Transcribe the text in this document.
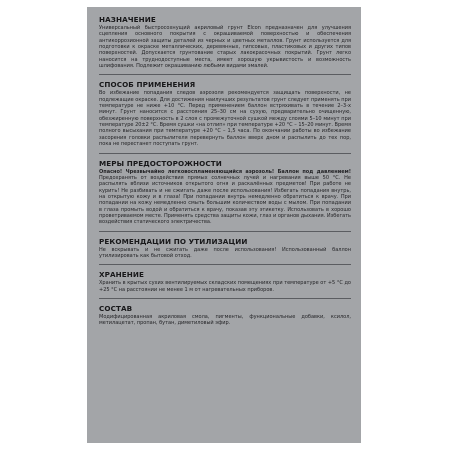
НАЗНАЧЕНИЕ

Универсальный быстросохнущий акриловый грунт Elcon предназначен для улучшения сцепления основного покрытия с окрашиваемой поверхностью и обеспечения антикоррозионной защиты деталей из черных и цветных металлов. Грунт используется для подготовки к окраске металлических, деревянных, гипсовых, пластиковых и других типов поверхностей. Допускается грунтование старых лакокрасочных покрытий. Грунт легко наносится на труднодоступные места, имеет хорошую укрывистость и возможность шлифования. Подлежит окрашиванию любыми видами эмалей.

СПОСОБ ПРИМЕНЕНИЯ

Во избежание попадания следов аэрозоля рекомендуется защищать поверхности, не подлежащие окраске. Для достижения наилучших результатов грунт следует применять при температуре не ниже +10 °С. Перед применением баллон встряхивать в течение 2–3-х минут. Грунт наносится с расстояния 25–30 см на сухую, предварительно очищенную, обезжиренную поверхность в 2 слоя с промежуточной сушкой между слоями 5–10 минут при температуре 20±2 °С. Время сушки «на отлип» при температуре +20 °С – 15–20 минут. Время полного высыхания при температуре +20 °С – 1,5 часа. По окончании работы во избежание засорения головки распылителя перевернуть баллон вверх дном и распылить до тех пор, пока не перестанет поступать грунт.

МЕРЫ ПРЕДОСТОРОЖНОСТИ

Опасно! Чрезвычайно легковоспламеняющийся аэрозоль! Баллон под давлением! Предохранять от воздействия прямых солнечных лучей и нагревания выше 50 °С. Не распылять вблизи источников открытого огня и раскалённых предметов! При работе не курить! Не разбивать и не сжигать даже после использования! Избегать попадания внутрь, на открытую кожу и в глаза! При попадании внутрь немедленно обратиться к врачу. При попадании на кожу немедленно смыть большим количеством воды с мылом. При попадании в глаза промыть водой и обратиться к врачу, показав эту этикетку. Использовать в хорошо проветриваемом месте. Применять средства защиты кожи, глаз и органов дыхания. Избегать воздействия статического электричества.

РЕКОМЕНДАЦИИ ПО УТИЛИЗАЦИИ

Не вскрывать и не сжигать даже после использования! Использованный баллон утилизировать как бытовой отход.

ХРАНЕНИЕ

Хранить в крытых сухих вентилируемых складских помещениях при температуре от +5 °С до +25 °С на расстоянии не менее 1 м от нагревательных приборов.

СОСТАВ

Модифицированная акриловая смола, пигменты, функциональные добавки, ксилол, метилацетат, пропан, бутан, диметиловый эфир.
